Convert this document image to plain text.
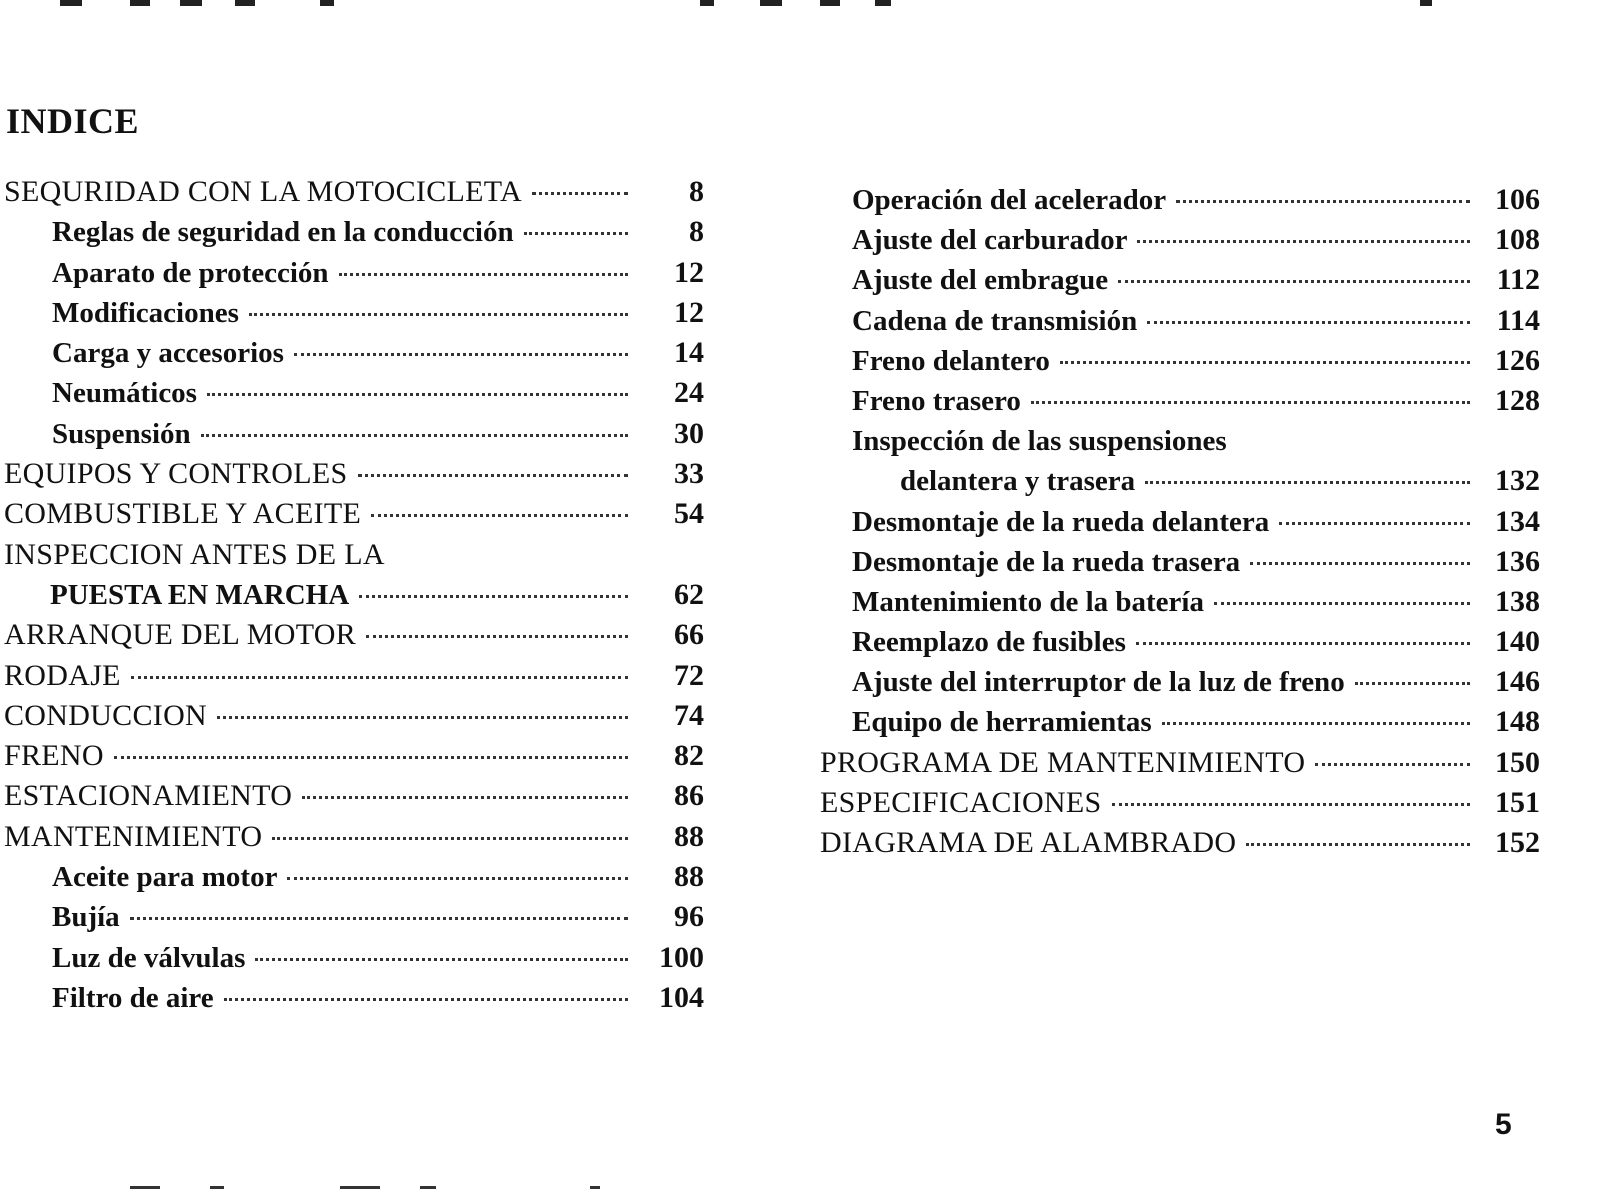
INDICE
SEQURIDAD CON LA MOTOCICLETA	8
Reglas de seguridad en la conducción	8
Aparato de protección	12
Modificaciones	12
Carga y accesorios	14
Neumáticos	24
Suspensión	30
EQUIPOS Y CONTROLES	33
COMBUSTIBLE Y ACEITE	54
INSPECCION ANTES DE LA
PUESTA EN MARCHA	62
ARRANQUE DEL MOTOR	66
RODAJE	72
CONDUCCION	74
FRENO	82
ESTACIONAMIENTO	86
MANTENIMIENTO	88
Aceite para motor	88
Bujía	96
Luz de válvulas	100
Filtro de aire	104
Operación del acelerador	106
Ajuste del carburador	108
Ajuste del embrague	112
Cadena de transmisión	114
Freno delantero	126
Freno trasero	128
Inspección de las suspensiones
delantera y trasera	132
Desmontaje de la rueda delantera	134
Desmontaje de la rueda trasera	136
Mantenimiento de la batería	138
Reemplazo de fusibles	140
Ajuste del interruptor de la luz de freno	146
Equipo de herramientas	148
PROGRAMA DE MANTENIMIENTO	150
ESPECIFICACIONES	151
DIAGRAMA DE ALAMBRADO	152
5
